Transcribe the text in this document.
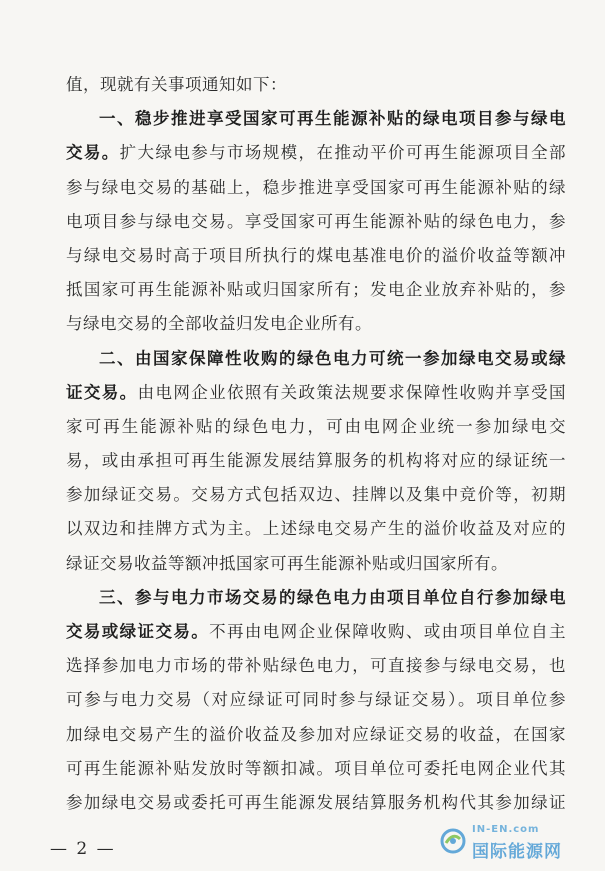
值，现就有关事项通知如下：
一、稳步推进享受国家可再生能源补贴的绿电项目参与绿电
交易。扩大绿电参与市场规模，在推动平价可再生能源项目全部
参与绿电交易的基础上，稳步推进享受国家可再生能源补贴的绿
电项目参与绿电交易。享受国家可再生能源补贴的绿色电力，参
与绿电交易时高于项目所执行的煤电基准电价的溢价收益等额冲
抵国家可再生能源补贴或归国家所有；发电企业放弃补贴的，参
与绿电交易的全部收益归发电企业所有。
二、由国家保障性收购的绿色电力可统一参加绿电交易或绿
证交易。由电网企业依照有关政策法规要求保障性收购并享受国
家可再生能源补贴的绿色电力，可由电网企业统一参加绿电交
易，或由承担可再生能源发展结算服务的机构将对应的绿证统一
参加绿证交易。交易方式包括双边、挂牌以及集中竞价等，初期
以双边和挂牌方式为主。上述绿电交易产生的溢价收益及对应的
绿证交易收益等额冲抵国家可再生能源补贴或归国家所有。
三、参与电力市场交易的绿色电力由项目单位自行参加绿电
交易或绿证交易。不再由电网企业保障收购、或由项目单位自主
选择参加电力市场的带补贴绿色电力，可直接参与绿电交易，也
可参与电力交易（对应绿证可同时参与绿证交易）。项目单位参
加绿电交易产生的溢价收益及参加对应绿证交易的收益，在国家
可再生能源补贴发放时等额扣减。项目单位可委托电网企业代其
参加绿电交易或委托可再生能源发展结算服务机构代其参加绿证
— 2 —
IN-EN.com
国际能源网
